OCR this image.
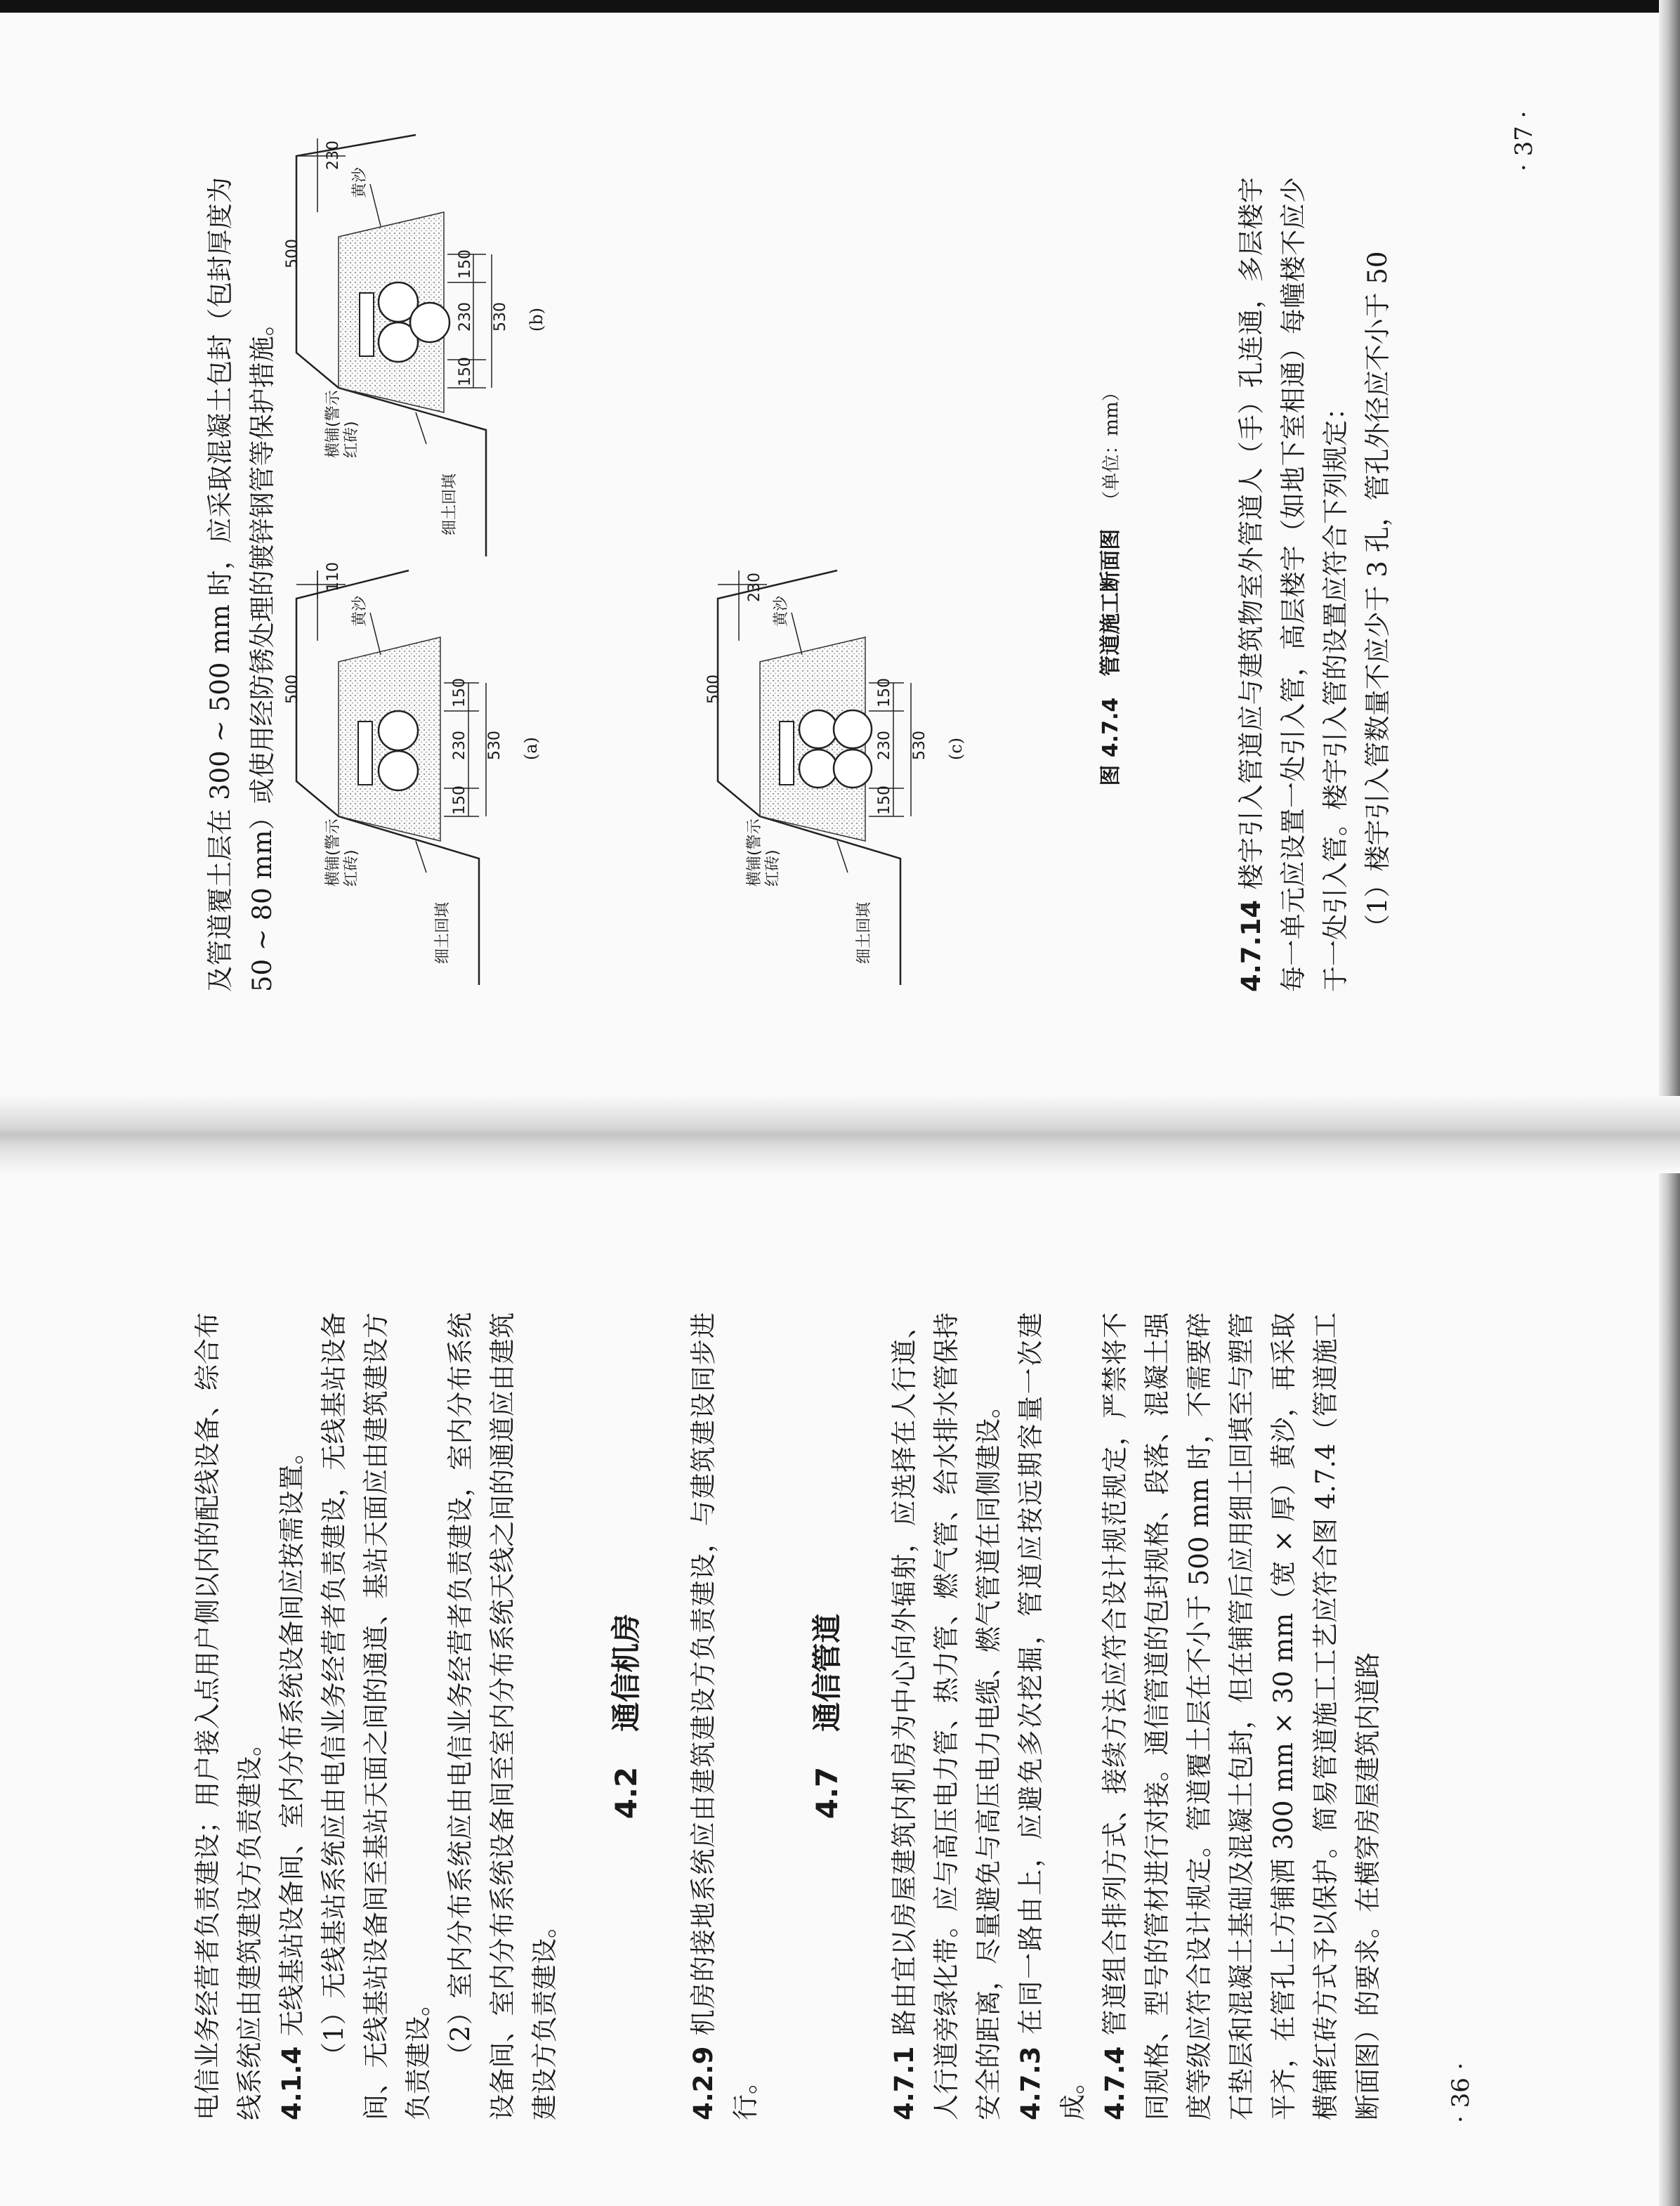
电信业务经营者负责建设；用户接入点用户侧以内的配线设备、综合布线系统应由建筑建设方负责建设。 4.1.4无线基站设备间、室内分布系统设备间应按需设置。 （1）无线基站系统应由电信业务经营者负责建设，无线基站设备间、无线基站设备间至基站天面之间的通道、基站天面应由建筑建设方负责建设。 （2）室内分布系统应由电信业务经营者负责建设，室内分布系统设备间、室内分布系统设备间至室内分布系统天线之间的通道应由建筑建设方负责建设。

4.2通信机房

4.2.9机房的接地系统应由建筑建设方负责建设，与建筑建设同步进行。

4.7通信管道

4.7.1路由宜以房屋建筑内机房为中心向外辐射，应选择在人行道、人行道旁绿化带。应与高压电力管、热力管、燃气管、给水排水管保持安全的距离，尽量避免与高压电力电缆、燃气管道在同侧建设。 4.7.3在同一路由上，应避免多次挖掘，管道应按远期容量一次建成。 4.7.4管道组合排列方式、接续方法应符合设计规范规定，严禁将不同规格、型号的管材进行对接。通信管道的包封规格、段落、混凝土强度等级应符合设计规定。管道覆土层在不小于 500 mm 时，不需要碎石垫层和混凝土基础及混凝土包封，但在铺管后应用细土回填至与塑管平齐，在管孔上方铺洒 300 mm × 30 mm（宽 × 厚）黄沙，再采取横铺红砖方式予以保护。简易管道施工工艺应符合图 4.7.4（管道施工断面图）的要求。在横穿房屋建筑内道路	· 36 ·

及管道覆土层在 300 ~ 500 mm 时，应采取混凝土包封（包封厚度为 50 ~ 80 mm）或使用经防锈处理的镀锌钢管等保护措施。	细土回填
横铺(警示红砖)
黄沙
500
110
150
230
150
530 (a)
细土回填
横铺(警示红砖)
黄沙
500
230
150
230
150
530 (b)
细土回填
横铺(警示红砖)
黄沙
500
230
150
230
150
530 (c)	图 4.7.4　管道施工断面图（单位：mm）

4.7.14楼宇引入管道应与建筑物室外管道人（手）孔连通，多层楼宇每一单元应设置一处引入管，高层楼宇（如地下室相通）每幢楼不应少于一处引入管。楼宇引入管的设置应符合下列规定： （1）楼宇引入管数量不应少于 3 孔，管孔外径应不小于 50

· 37 ·
